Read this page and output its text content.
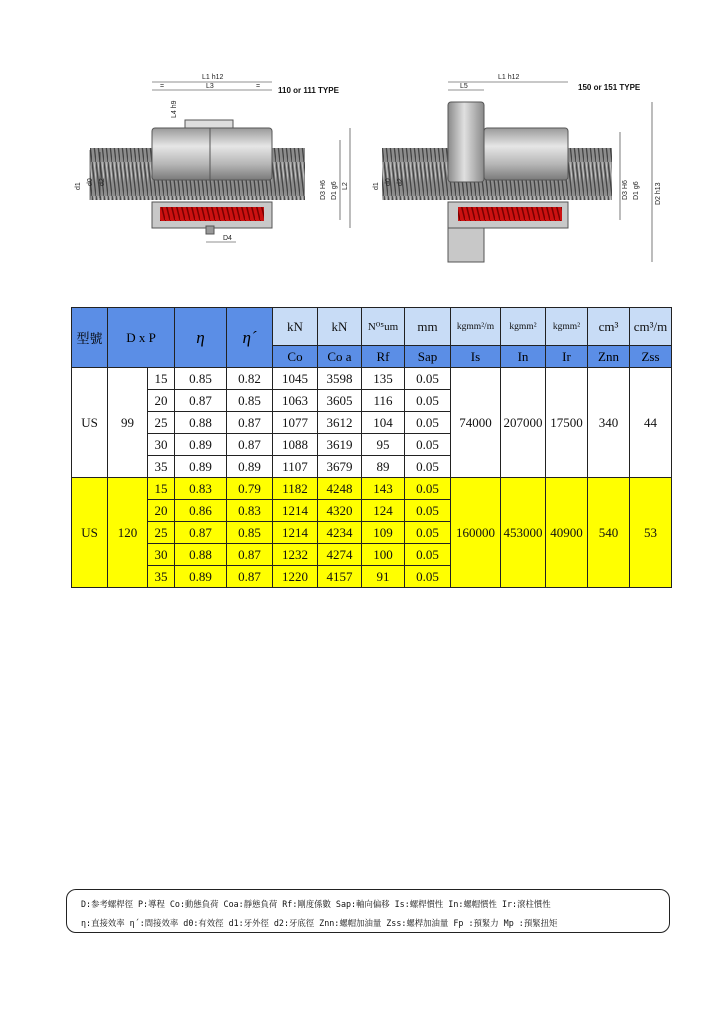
L1 h12
L3
=	=
L4 h9
d1
d0 d2	D3 H6 D1 g6 L2
D4
110 or 111 TYPE
L1 h12
L5
d1
d0 d2	D3 H6 D1 g6 D2 h13
150 or 151 TYPE
型號	D x P		η	η´	kN	kN	N⁰⁵um	mm	kgmm²/m	kgmm²	kgmm²	cm³	cm³/m
					Co	Co a	Rf	Sap	Is	In	Ir	Znn	Zss
US	99	15	0.85	0.82	1045	3598	135	0.05	74000	207000	17500	340	44
		20	0.87	0.85	1063	3605	116	0.05					
		25	0.88	0.87	1077	3612	104	0.05					
		30	0.89	0.87	1088	3619	95	0.05					
		35	0.89	0.89	1107	3679	89	0.05					
US	120	15	0.83	0.79	1182	4248	143	0.05	160000	453000	40900	540	53
		20	0.86	0.83	1214	4320	124	0.05					
		25	0.87	0.85	1214	4234	109	0.05					
		30	0.88	0.87	1232	4274	100	0.05					
		35	0.89	0.87	1220	4157	91	0.05					
D:参考螺桿徑 P:導程 Co:動態負荷 Coa:靜態負荷 Rf:剛度係數 Sap:軸向偏移 Is:螺桿慣性 In:螺帽慣性 Ir:滾柱慣性
η:直接效率 η´:間接效率 d0:有效徑 d1:牙外徑 d2:牙底徑 Znn:螺帽加油量 Zss:螺桿加油量 Fp :預緊力 Mp :預緊扭矩
